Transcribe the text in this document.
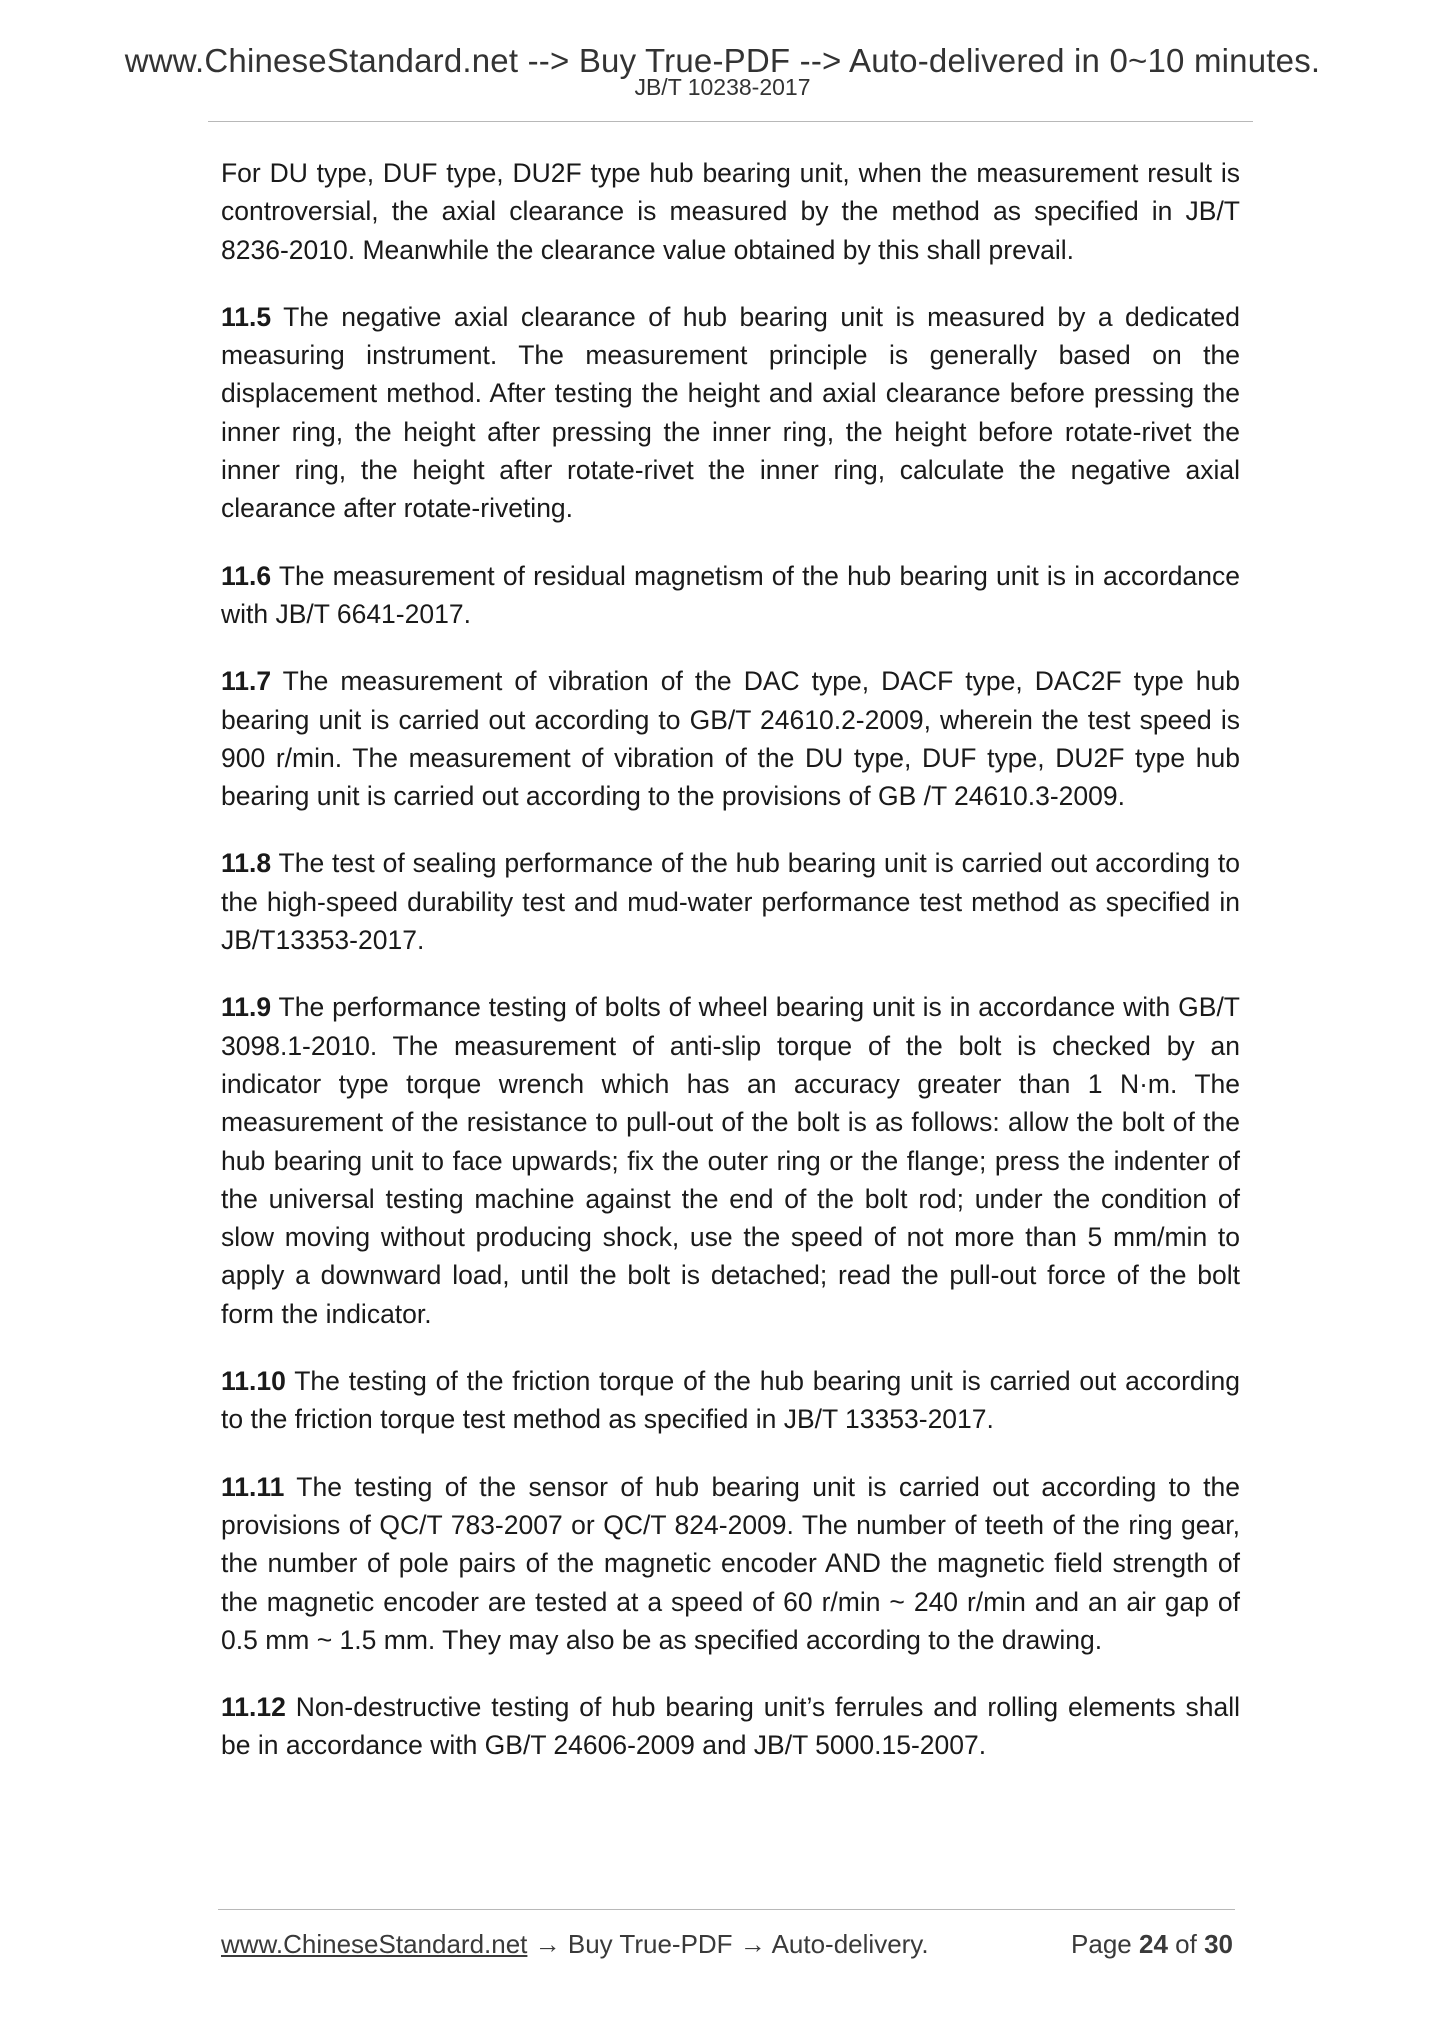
www.ChineseStandard.net --> Buy True-PDF --> Auto-delivered in 0~10 minutes.
JB/T 10238-2017

For DU type, DUF type, DU2F type hub bearing unit, when the measurement result is controversial, the axial clearance is measured by the method as specified in JB/T 8236-2010. Meanwhile the clearance value obtained by this shall prevail.

11.5 The negative axial clearance of hub bearing unit is measured by a dedicated measuring instrument. The measurement principle is generally based on the displacement method. After testing the height and axial clearance before pressing the inner ring, the height after pressing the inner ring, the height before rotate-rivet the inner ring, the height after rotate-rivet the inner ring, calculate the negative axial clearance after rotate-riveting.

11.6 The measurement of residual magnetism of the hub bearing unit is in accordance with JB/T 6641-2017.

11.7 The measurement of vibration of the DAC type, DACF type, DAC2F type hub bearing unit is carried out according to GB/T 24610.2-2009, wherein the test speed is 900 r/min. The measurement of vibration of the DU type, DUF type, DU2F type hub bearing unit is carried out according to the provisions of GB /T 24610.3-2009.

11.8 The test of sealing performance of the hub bearing unit is carried out according to the high-speed durability test and mud-water performance test method as specified in JB/T13353-2017.

11.9 The performance testing of bolts of wheel bearing unit is in accordance with GB/T 3098.1-2010. The measurement of anti-slip torque of the bolt is checked by an indicator type torque wrench which has an accuracy greater than 1 N·m. The measurement of the resistance to pull-out of the bolt is as follows: allow the bolt of the hub bearing unit to face upwards; fix the outer ring or the flange; press the indenter of the universal testing machine against the end of the bolt rod; under the condition of slow moving without producing shock, use the speed of not more than 5 mm/min to apply a downward load, until the bolt is detached; read the pull-out force of the bolt form the indicator.

11.10 The testing of the friction torque of the hub bearing unit is carried out according to the friction torque test method as specified in JB/T 13353-2017.

11.11 The testing of the sensor of hub bearing unit is carried out according to the provisions of QC/T 783-2007 or QC/T 824-2009. The number of teeth of the ring gear, the number of pole pairs of the magnetic encoder AND the magnetic field strength of the magnetic encoder are tested at a speed of 60 r/min ~ 240 r/min and an air gap of 0.5 mm ~ 1.5 mm. They may also be as specified according to the drawing.

11.12 Non-destructive testing of hub bearing unit’s ferrules and rolling elements shall be in accordance with GB/T 24606-2009 and JB/T 5000.15-2007.

www.ChineseStandard.net → Buy True-PDF → Auto-delivery.	Page 24 of 30
